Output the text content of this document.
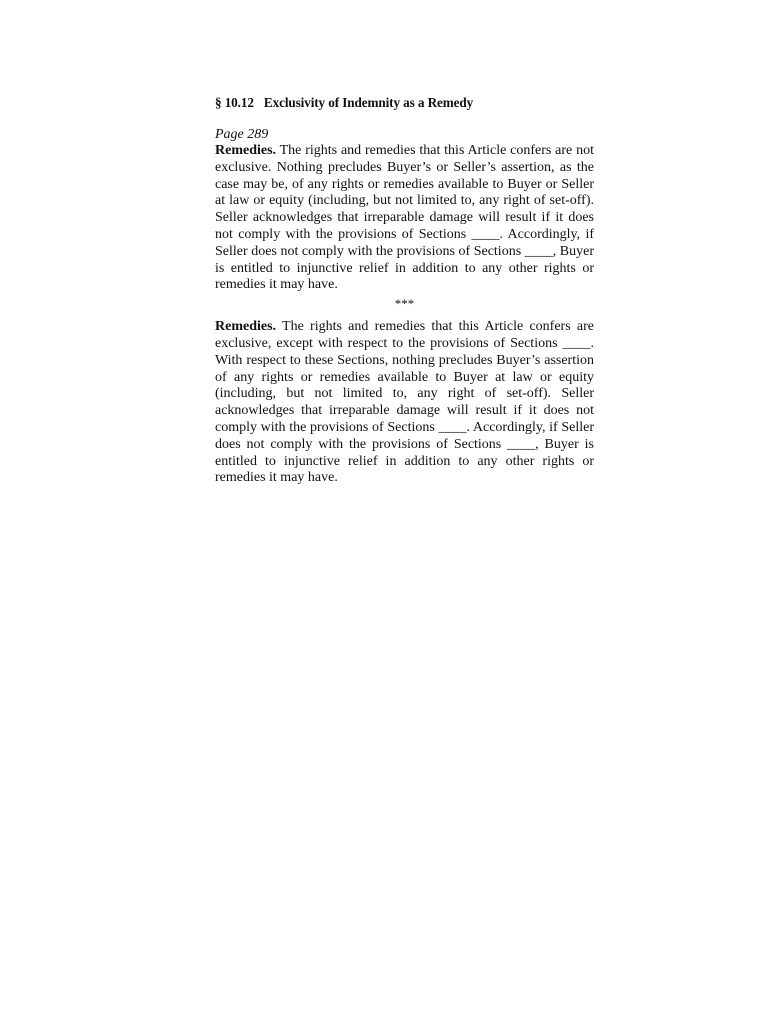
§ 10.12 Exclusivity of Indemnity as a Remedy
Page 289

Remedies. The rights and remedies that this Article confers are not exclusive. Nothing precludes Buyer’s or Seller’s assertion, as the case may be, of any rights or remedies available to Buyer or Seller at law or equity (including, but not limited to, any right of set-off). Seller acknowledges that irreparable damage will result if it does not comply with the provisions of Sections ____. Accordingly, if Seller does not comply with the provisions of Sections ____, Buyer is entitled to injunctive relief in addition to any other rights or remedies it may have.

***

Remedies. The rights and remedies that this Article confers are exclusive, except with respect to the provisions of Sections ____. With respect to these Sections, nothing precludes Buyer’s assertion of any rights or remedies available to Buyer at law or equity (including, but not limited to, any right of set-off). Seller acknowledges that irreparable damage will result if it does not comply with the provisions of Sections ____. Accordingly, if Seller does not comply with the provisions of Sections ____, Buyer is entitled to injunctive relief in addition to any other rights or remedies it may have.
